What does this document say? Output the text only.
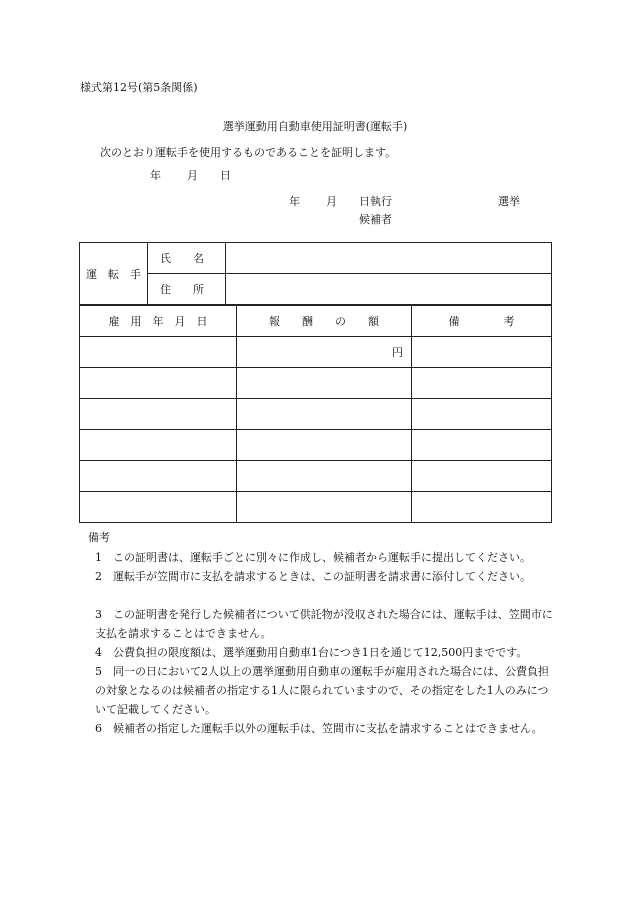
様式第12号(第5条関係)
選挙運動用自動車使用証明書(運転手)
次のとおり運転手を使用するものであることを証明します。
年 月 日
年 月 日執行	選挙
候補者
運　転　手	氏　　名	
	住　　所	
雇　用　年　月　日	報　　酬　　の　　額	備　　　　考
	円	

備考
1 この証明書は、運転手ごとに別々に作成し、候補者から運転手に提出してください。
2 運転手が笠間市に支払を請求するときは、この証明書を請求書に添付してください。
3 この証明書を発行した候補者について供託物が没収された場合には、運転手は、笠間市に支払を請求することはできません。
4 公費負担の限度額は、選挙運動用自動車1台につき1日を通じて12,500円までです。
5 同一の日において2人以上の選挙運動用自動車の運転手が雇用された場合には、公費負担の対象となるのは候補者の指定する1人に限られていますので、その指定をした1人のみについて記載してください。
6 候補者の指定した運転手以外の運転手は、笠間市に支払を請求することはできません。
